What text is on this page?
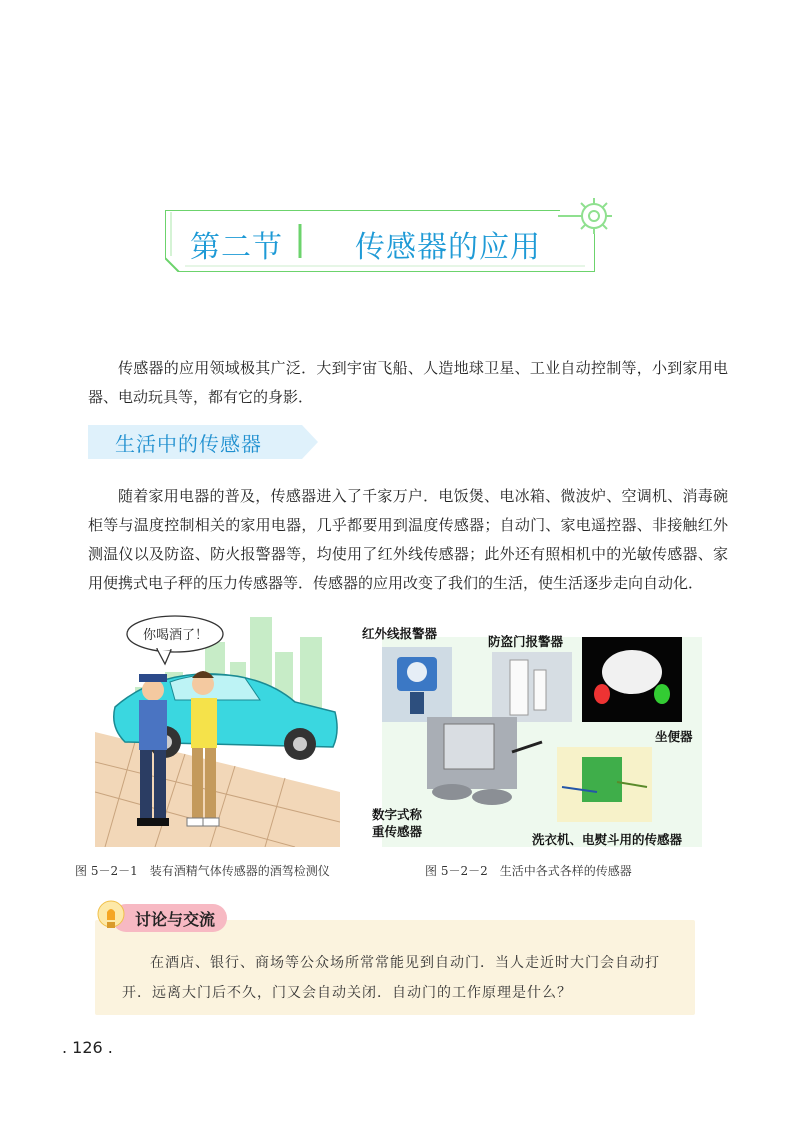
第二节 传感器的应用
传感器的应用领域极其广泛．大到宇宙飞船、人造地球卫星、工业自动控制等，小到家用电器、电动玩具等，都有它的身影．
生活中的传感器
随着家用电器的普及，传感器进入了千家万户．电饭煲、电冰箱、微波炉、空调机、消毒碗柜等与温度控制相关的家用电器，几乎都要用到温度传感器；自动门、家电遥控器、非接触红外测温仪以及防盗、防火报警器等，均使用了红外线传感器；此外还有照相机中的光敏传感器、家用便携式电子秤的压力传感器等．传感器的应用改变了我们的生活，使生活逐步走向自动化．
你喝酒了！	红外线报警器
防盗门报警器
坐便器
数字式称
重传感器
洗衣机、电熨斗用的传感器
图 5－2－1　装有酒精气体传感器的酒驾检测仪	图 5－2－2　生活中各式各样的传感器
讨论与交流
在酒店、银行、商场等公众场所常常能见到自动门．当人走近时大门会自动打开．远离大门后不久，门又会自动关闭．自动门的工作原理是什么？
. 126 .
